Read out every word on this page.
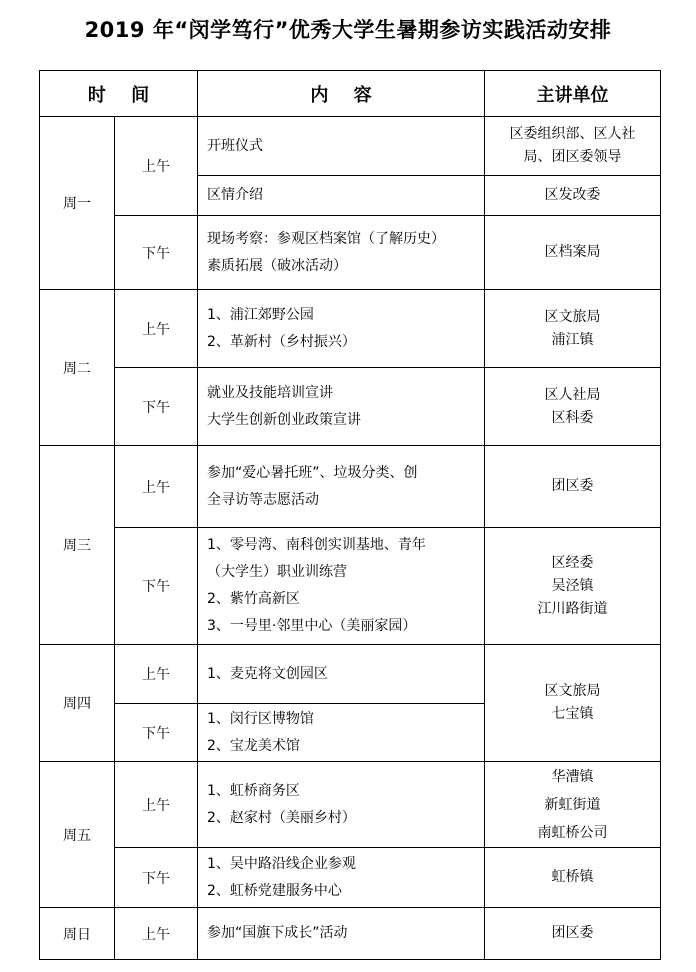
2019 年“闵学笃行”优秀大学生暑期参访实践活动安排
时间		内容	主讲单位
周一	上午	开班仪式	区委组织部、区人社
局、团区委领导

		区情介绍	区发改委

	下午	现场考察：参观区档案馆（了解历史）
素质拓展（破冰活动）	区档案局

周二	上午	1、浦江郊野公园
2、革新村（乡村振兴）	区文旅局
浦江镇

	下午	就业及技能培训宣讲
大学生创新创业政策宣讲	区人社局
区科委

周三	上午	参加“爱心暑托班”、垃圾分类、创
全寻访等志愿活动	团区委

	下午	1、零号湾、南科创实训基地、青年
（大学生）职业训练营
2、紫竹高新区
3、一号里·邻里中心（美丽家园）	区经委
吴泾镇
江川路街道

周四	上午	1、麦克将文创园区	区文旅局
七宝镇

	下午	1、闵行区博物馆
2、宝龙美术馆	

周五	上午	1、虹桥商务区
2、赵家村（美丽乡村）	华漕镇
新虹街道
南虹桥公司

	下午	1、吴中路沿线企业参观
2、虹桥党建服务中心	虹桥镇

周日	上午	参加“国旗下成长”活动	团区委
